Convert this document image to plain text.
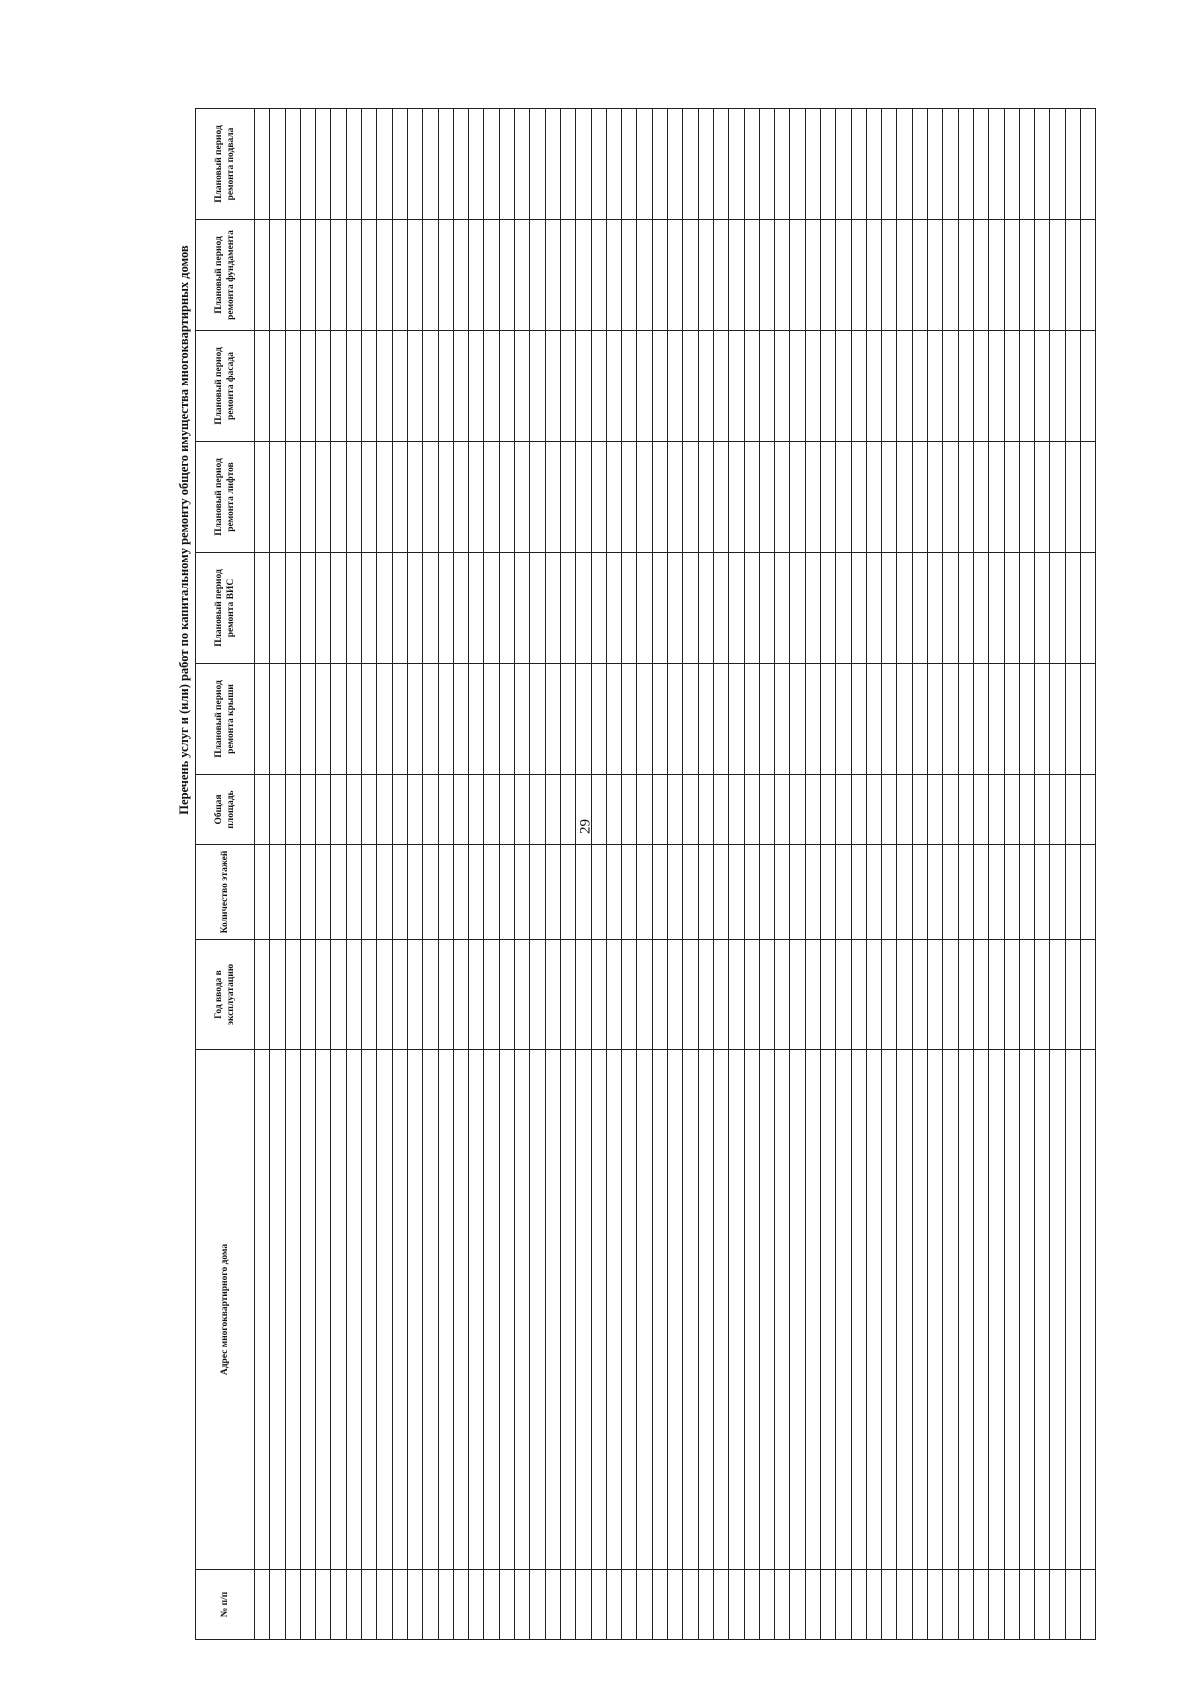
29
Перечень услуг и (или) работ по капитальному ремонту общего имущества многоквартирных домов
№ п/п	Адрес многоквартирного дома	Год ввода в эксплуатацию	Количество этажей	Общая площадь	Плановый период ремонта крыши	Плановый период ремонта ВИС	Плановый период ремонта лифтов	Плановый период ремонта фасада	Плановый период ремонта фундамента	Плановый период ремонта подвала
